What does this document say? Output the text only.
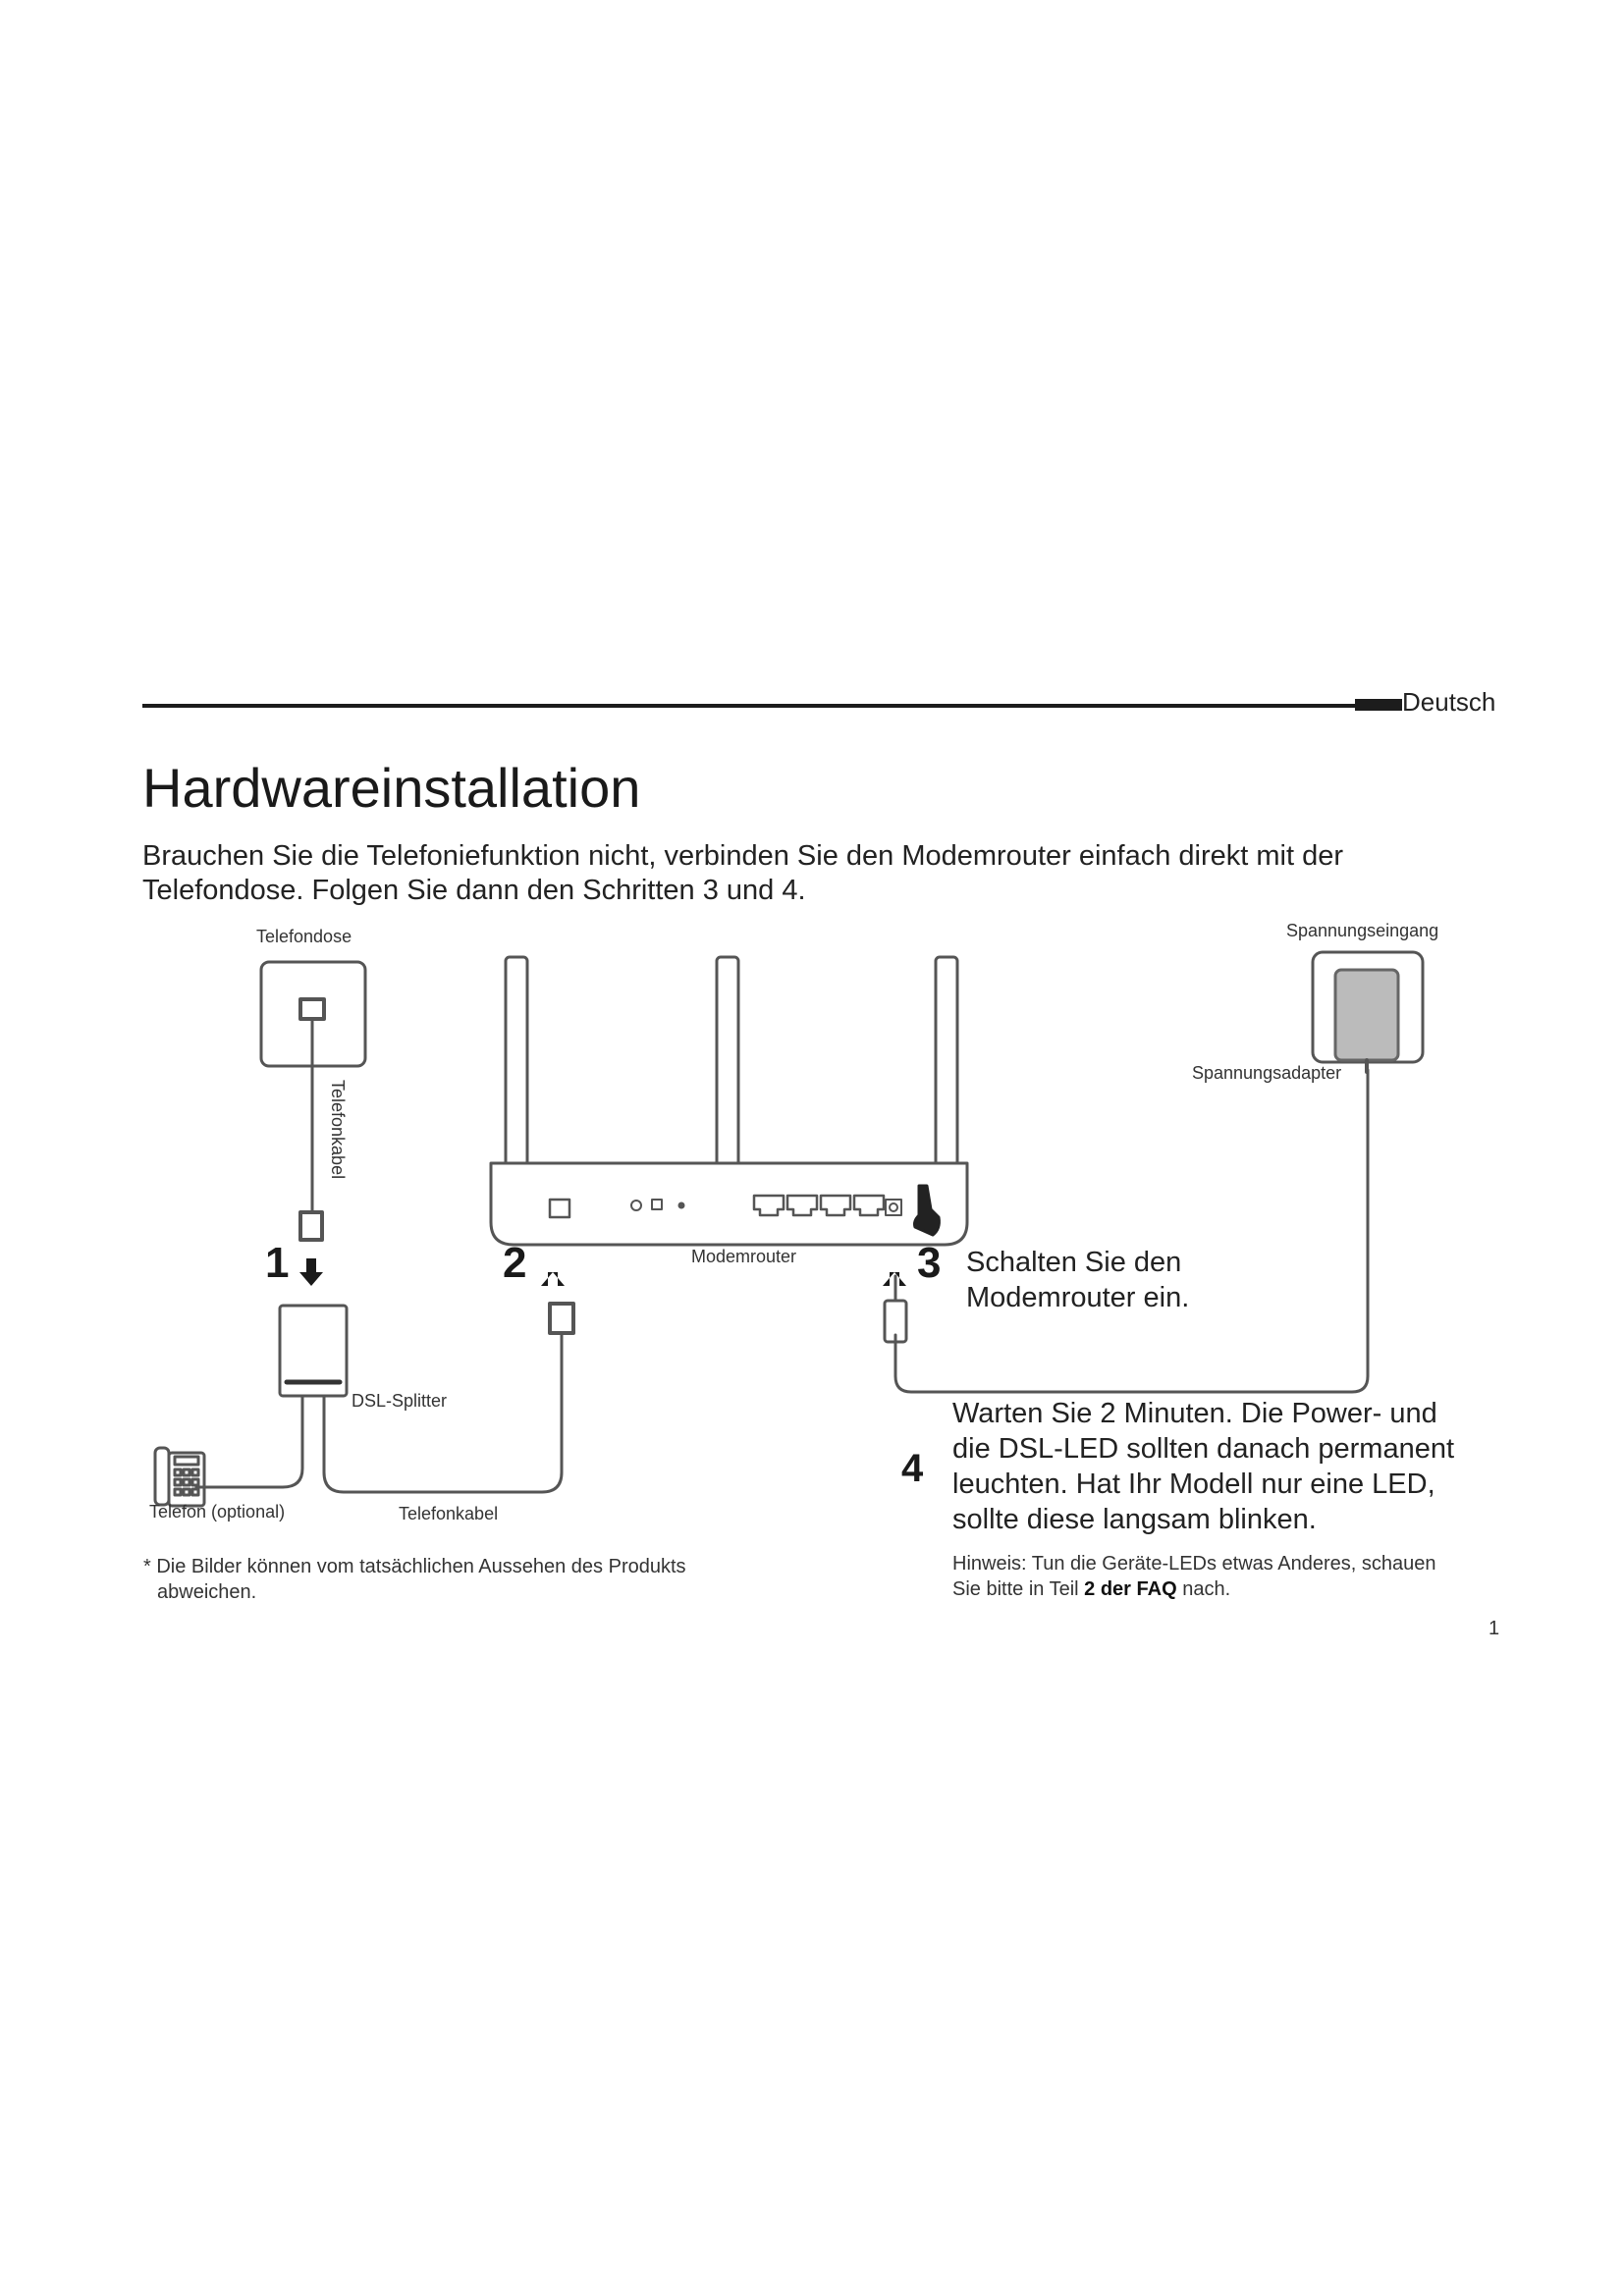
Deutsch
Hardwareinstallation

Brauchen Sie die Telefoniefunktion nicht, verbinden Sie den Modemrouter einfach direkt mit der Telefondose. Folgen Sie dann den Schritten 3 und 4.

Telefondose
Telefonkabel
DSL-Splitter
Telefon (optional)	Telefonkabel
Modemrouter
Spannungseingang
Spannungsadapter
1	2	3 Schalten Sie den
Modemrouter ein.
4
Warten Sie 2 Minuten. Die Power- und
die DSL-LED sollten danach permanent
leuchten. Hat Ihr Modell nur eine LED,
sollte diese langsam blinken.
* Die Bilder können vom tatsächlichen Aussehen des Produkts
abweichen.
Hinweis: Tun die Geräte-LEDs etwas Anderes, schauen
Sie bitte in Teil 2 der FAQ nach.
1
